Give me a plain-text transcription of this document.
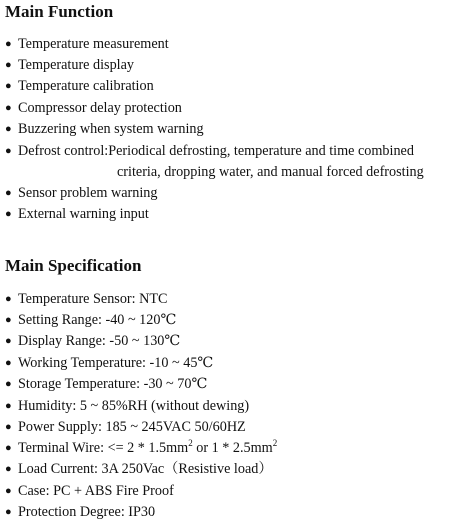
Main Function
● Temperature measurement
● Temperature display
● Temperature calibration
● Compressor delay protection
● Buzzering when system warning
● Defrost control:Periodical defrosting, temperature and time combined
criteria, dropping water, and manual forced defrosting
● Sensor problem warning
● External warning input
Main Specification
● Temperature Sensor: NTC
● Setting Range: -40 ~ 120℃
● Display Range: -50 ~ 130℃
● Working Temperature: -10 ~ 45℃
● Storage Temperature: -30 ~ 70℃
● Humidity: 5 ~ 85%RH (without dewing)
● Power Supply: 185 ~ 245VAC 50/60HZ
● Terminal Wire: <= $2 * 1.5mm^2$ or $1 * 2.5mm^2$
● Load Current: 3A 250Vac（Resistive load）
● Case: PC + ABS Fire Proof
● Protection Degree: IP30
